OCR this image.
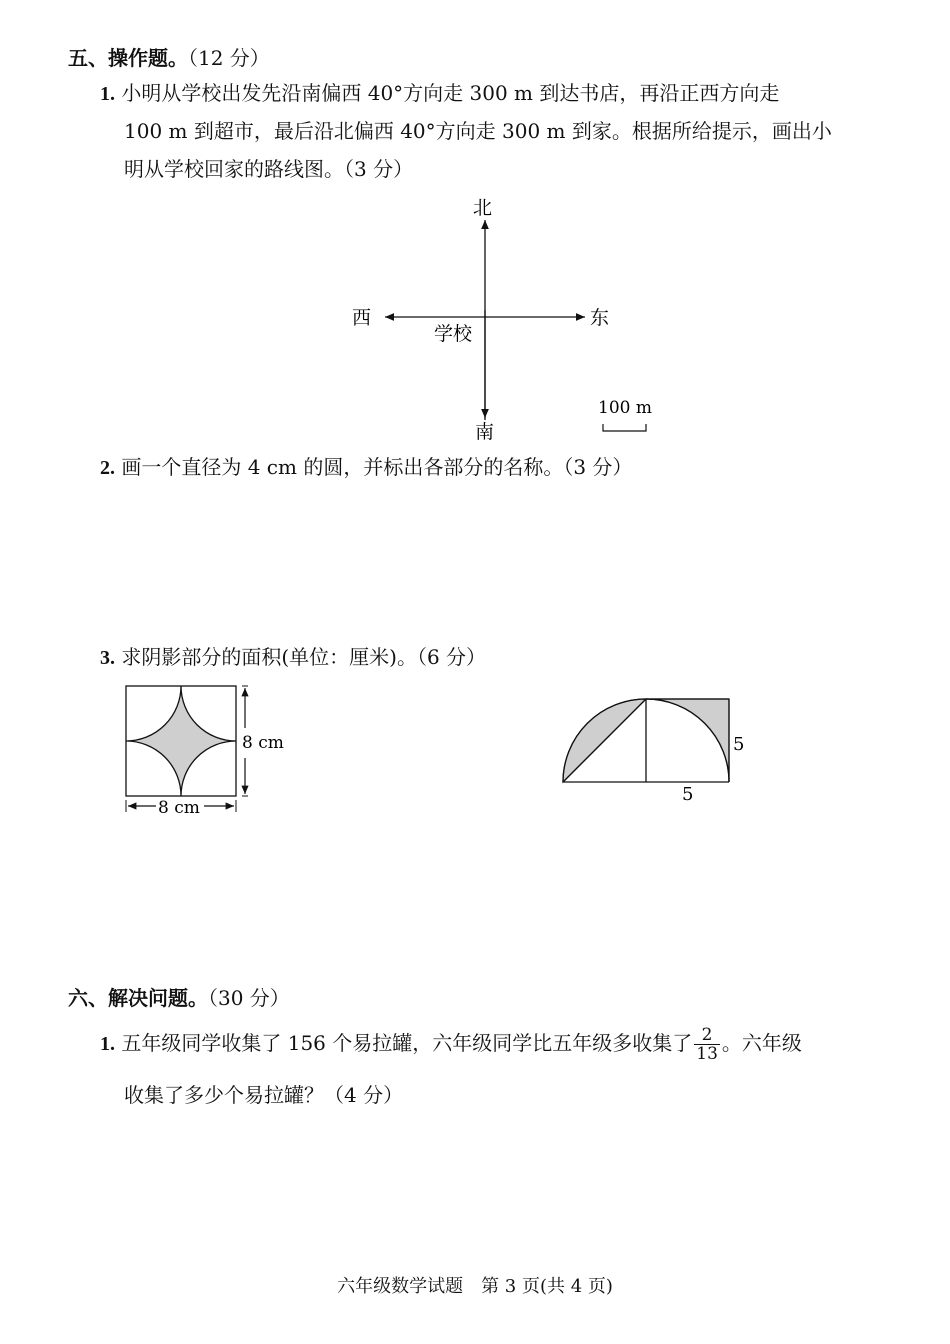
五、操作题。（12 分）
1. 小明从学校出发先沿南偏西 40°方向走 300 m 到达书店，再沿正西方向走
100 m 到超市，最后沿北偏西 40°方向走 300 m 到家。根据所给提示，画出小
明从学校回家的路线图。（3 分）
北
南
东
西
学校
100 m
2. 画一个直径为 4 cm 的圆，并标出各部分的名称。（3 分）
3. 求阴影部分的面积(单位：厘米)。（6 分）
8 cm
8 cm
5
5
六、解决问题。（30 分）
1. 五年级同学收集了 156 个易拉罐，六年级同学比五年级多收集了 $\frac{2}{13}$ 。六年级
收集了多少个易拉罐？（4 分）
六年级数学试题　第 3 页(共 4 页)
